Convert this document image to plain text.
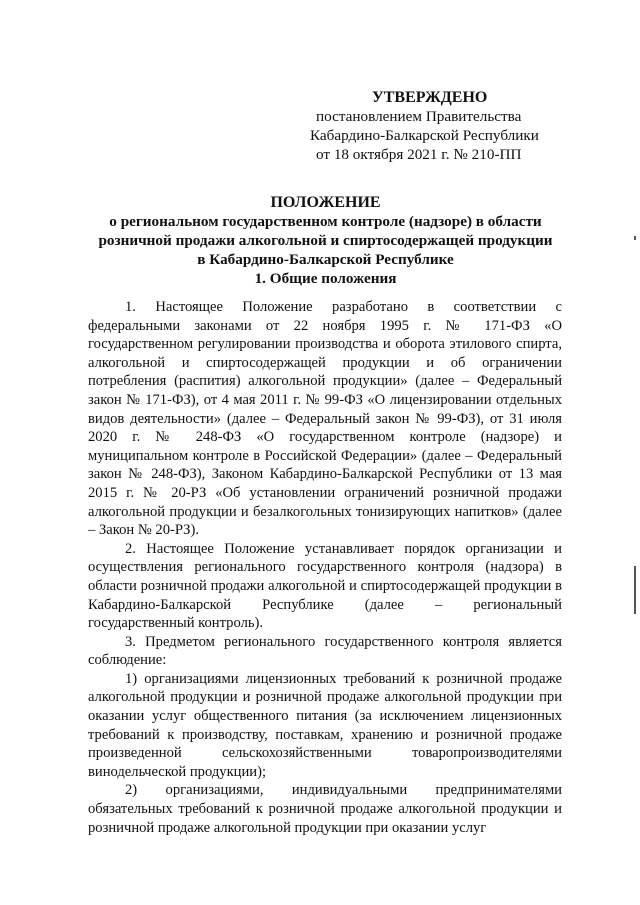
УТВЕРЖДЕНО
постановлением Правительства
Кабардино-Балкарской Республики
от 18 октября 2021 г. № 210-ПП
ПОЛОЖЕНИЕ
о региональном государственном контроле (надзоре) в области
розничной продажи алкогольной и спиртосодержащей продукции
в Кабардино-Балкарской Республике
1. Общие положения

1. Настоящее Положение разработано в соответствии с федеральными законами от 22 ноября 1995 г. № 171-ФЗ «О государственном регулировании производства и оборота этилового спирта, алкогольной и спиртосодержащей продукции и об ограничении потребления (распития) алкогольной продукции» (далее – Федеральный закон № 171-ФЗ), от 4 мая 2011 г. № 99-ФЗ «О лицензировании отдельных видов деятельности» (далее – Федеральный закон № 99-ФЗ), от 31 июля 2020 г. № 248-ФЗ «О государственном контроле (надзоре) и муниципальном контроле в Российской Федерации» (далее – Федеральный закон № 248-ФЗ), Законом Кабардино-Балкарской Республики от 13 мая 2015 г. № 20-РЗ «Об установлении ограничений розничной продажи алкогольной продукции и безалкогольных тонизирующих напитков» (далее – Закон № 20-РЗ).

2. Настоящее Положение устанавливает порядок организации и осуществления регионального государственного контроля (надзора) в области розничной продажи алкогольной и спиртосодержащей продукции в Кабардино-Балкарской Республике (далее – региональный государственный контроль).

3. Предметом регионального государственного контроля является соблюдение:

1) организациями лицензионных требований к розничной продаже алкогольной продукции и розничной продаже алкогольной продукции при оказании услуг общественного питания (за исключением лицензионных требований к производству, поставкам, хранению и розничной продаже произведенной сельскохозяйственными товаропроизводителями винодельческой продукции);

2) организациями, индивидуальными предпринимателями обязательных требований к розничной продаже алкогольной продукции и розничной продаже алкогольной продукции при оказании услуг
